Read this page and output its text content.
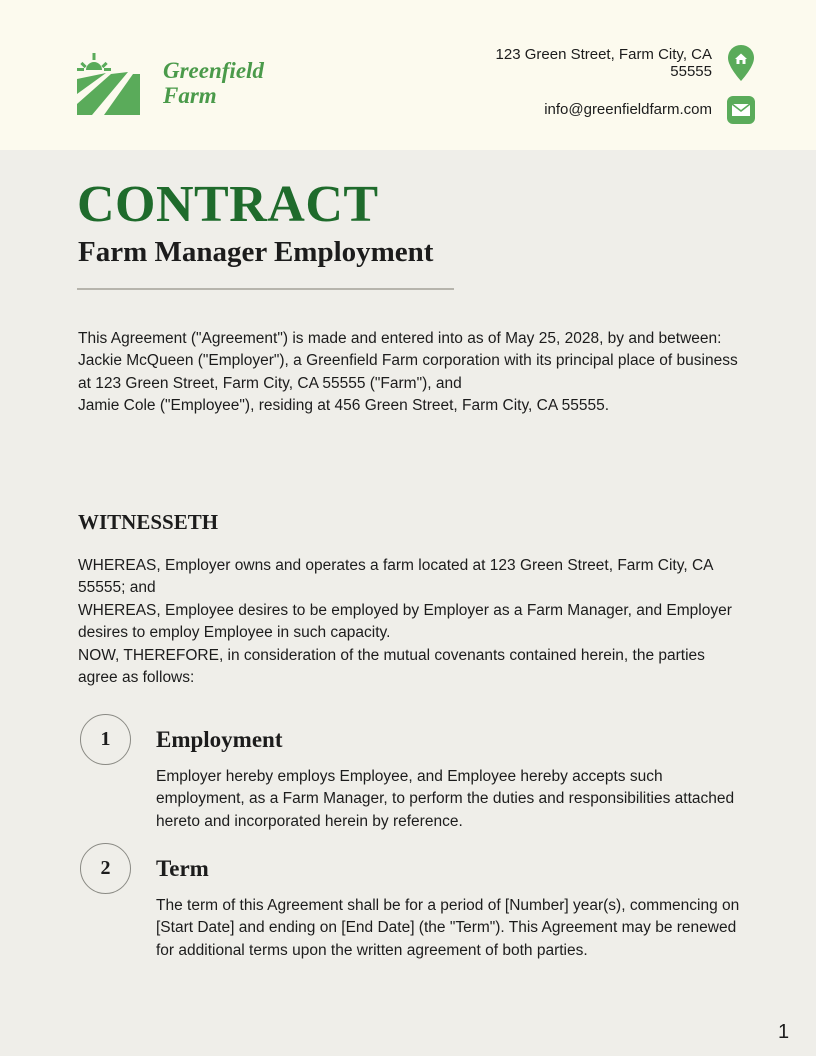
Greenfield Farm
123 Green Street, Farm City, CA 55555
info@greenfieldfarm.com
CONTRACT
Farm Manager Employment
This Agreement ("Agreement") is made and entered into as of May 25, 2028, by and between:
Jackie McQueen ("Employer"), a Greenfield Farm corporation with its principal place of business at 123 Green Street, Farm City, CA 55555 ("Farm"), and
Jamie Cole ("Employee"), residing at 456 Green Street, Farm City, CA 55555.
WITNESSETH
WHEREAS, Employer owns and operates a farm located at 123 Green Street, Farm City, CA 55555; and
WHEREAS, Employee desires to be employed by Employer as a Farm Manager, and Employer desires to employ Employee in such capacity.
NOW, THEREFORE, in consideration of the mutual covenants contained herein, the parties agree as follows:
1	Employment

Employer hereby employs Employee, and Employee hereby accepts such employment, as a Farm Manager, to perform the duties and responsibilities attached hereto and incorporated herein by reference.

2	Term

The term of this Agreement shall be for a period of [Number] year(s), commencing on [Start Date] and ending on [End Date] (the "Term"). This Agreement may be renewed for additional terms upon the written agreement of both parties.

1
